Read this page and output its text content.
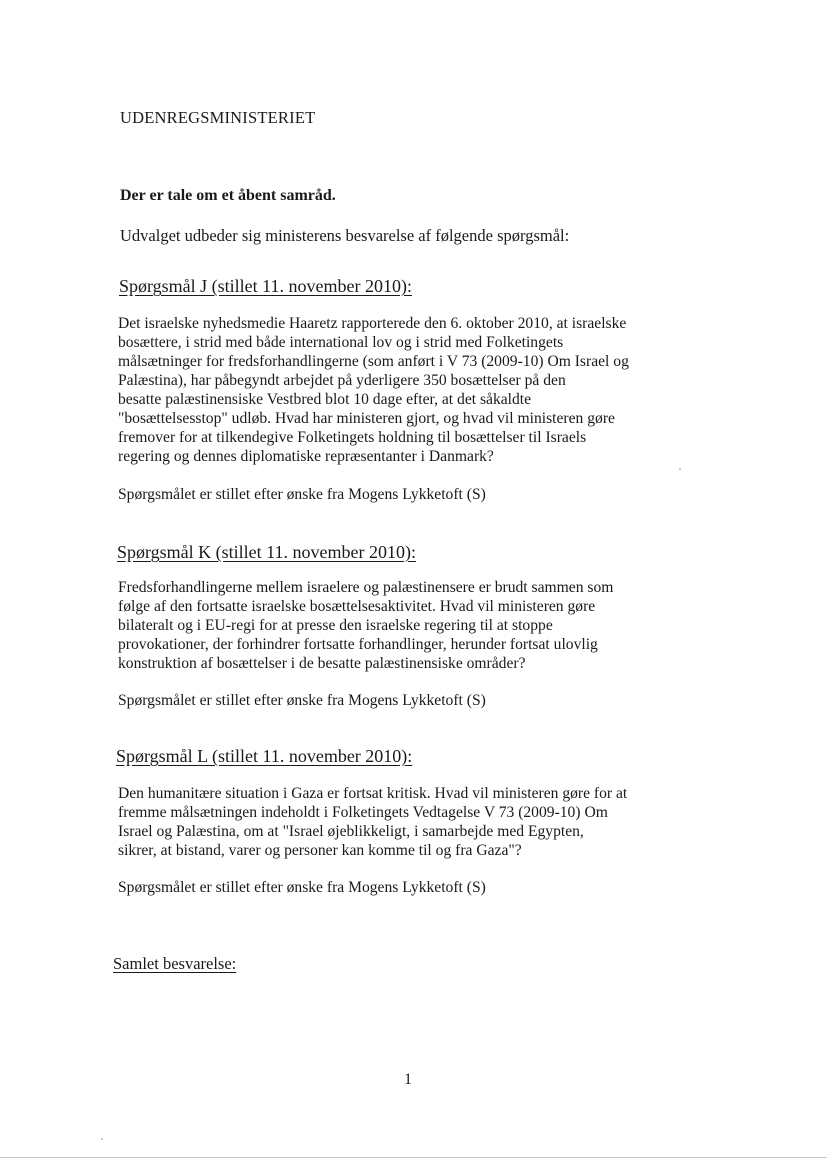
UDENREGSMINISTERIET
Der er tale om et åbent samråd.
Udvalget udbeder sig ministerens besvarelse af følgende spørgsmål:
Spørgsmål J (stillet 11. november 2010):
Det israelske nyhedsmedie Haaretz rapporterede den 6. oktober 2010, at israelske
bosættere, i strid med både international lov og i strid med Folketingets
målsætninger for fredsforhandlingerne (som anført i V 73 (2009-10) Om Israel og
Palæstina), har påbegyndt arbejdet på yderligere 350 bosættelser på den
besatte palæstinensiske Vestbred blot 10 dage efter, at det såkaldte
"bosættelsesstop" udløb. Hvad har ministeren gjort, og hvad vil ministeren gøre
fremover for at tilkendegive Folketingets holdning til bosættelser til Israels
regering og dennes diplomatiske repræsentanter i Danmark?
Spørgsmålet er stillet efter ønske fra Mogens Lykketoft (S)
Spørgsmål K (stillet 11. november 2010):
Fredsforhandlingerne mellem israelere og palæstinensere er brudt sammen som
følge af den fortsatte israelske bosættelsesaktivitet. Hvad vil ministeren gøre
bilateralt og i EU-regi for at presse den israelske regering til at stoppe
provokationer, der forhindrer fortsatte forhandlinger, herunder fortsat ulovlig
konstruktion af bosættelser i de besatte palæstinensiske områder?
Spørgsmålet er stillet efter ønske fra Mogens Lykketoft (S)
Spørgsmål L (stillet 11. november 2010):
Den humanitære situation i Gaza er fortsat kritisk. Hvad vil ministeren gøre for at
fremme målsætningen indeholdt i Folketingets Vedtagelse V 73 (2009-10) Om
Israel og Palæstina, om at "Israel øjeblikkeligt, i samarbejde med Egypten,
sikrer, at bistand, varer og personer kan komme til og fra Gaza"?
Spørgsmålet er stillet efter ønske fra Mogens Lykketoft (S)
Samlet besvarelse:
1
